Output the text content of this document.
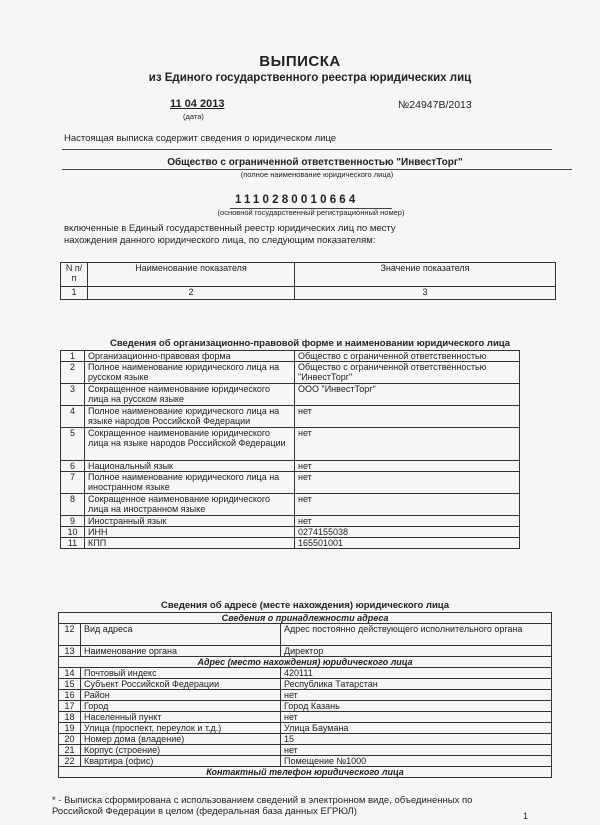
ВЫПИСКА
из Единого государственного реестра юридических лиц
11 04 2013
(дата)
№24947В/2013
Настоящая выписка содержит сведения о юридическом лице
Общество с ограниченной ответственностью "ИнвестТорг"
(полное наименование юридического лица)
1110280010664
(основной государственный регистрационный номер)
включенные в Единый государственный реестр юридических лиц по месту нахождения данного юридического лица, по следующим показателям:
N п/п	Наименование показателя	Значение показателя
1	2	3
Сведения об организационно-правовой форме и наименовании юридического лица
1	Организационно-правовая форма	Общество с ограниченной ответственностью
2	Полное наименование юридического лица на русском языке	Общество с ограниченной ответственностью "ИнвестТорг"
3	Сокращенное наименование юридического лица на русском языке	ООО "ИнвестТорг"
4	Полное наименование юридического лица на языке народов Российской Федерации	нет
5	Сокращенное наименование юридического лица на языке народов Российской Федерации	нет
6	Национальный язык	нет
7	Полное наименование юридического лица на иностранном языке	нет
8	Сокращенное наименование юридического лица на иностранном языке	нет
9	Иностранный язык	нет
10	ИНН	0274155038
11	КПП	165501001
Сведения об адресе (месте нахождения) юридического лица
Сведения о принадлежности адреса		
12	Вид адреса	Адрес постоянно действующего исполнительного органа
13	Наименование органа	Директор
Адрес (место нахождения) юридического лица		
14	Почтовый индекс	420111
15	Субъект Российской Федерации	Республика Татарстан
16	Район	нет
17	Город	Город Казань
18	Населенный пункт	нет
19	Улица (проспект, переулок и т.д.)	Улица Баумана
20	Номер дома (владение)	15
21	Корпус (строение)	нет
22	Квартира (офис)	Помещение №1000
Контактный телефон юридического лица		
* - Выписка сформирована с использованием сведений в электронном виде, объединенных по Российской Федерации в целом (федеральная база данных ЕГРЮЛ)	1
